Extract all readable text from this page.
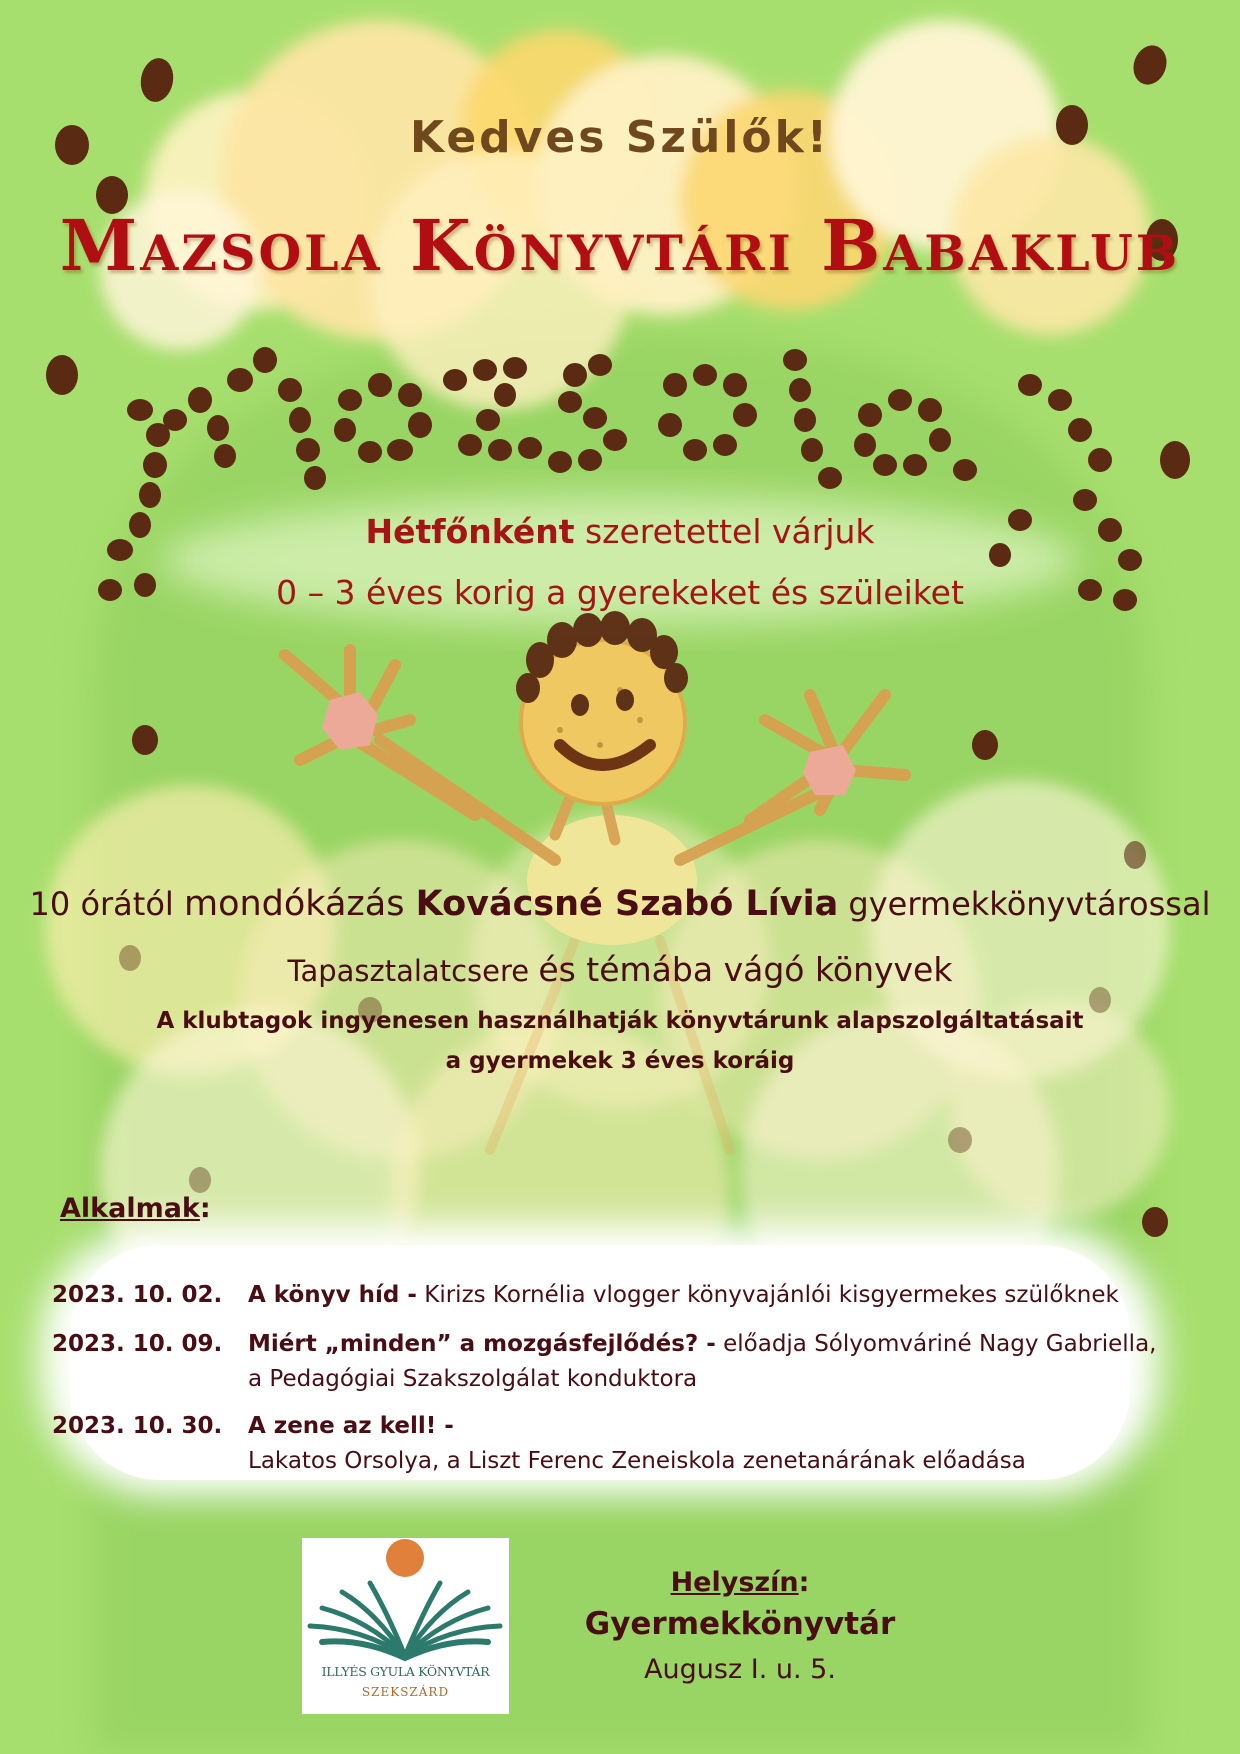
Kedves Szülők!
Mazsola Könyvtári Babaklub

Hétfőnként szeretettel várjuk

0 – 3 éves korig a gyerekeket és szüleiket

10 órától mondókázás Kovácsné Szabó Lívia gyermekkönyvtárossal

Tapasztalatcsere és témába vágó könyvek

A klubtagok ingyenesen használhatják könyvtárunk alapszolgáltatásait

a gyermekek 3 éves koráig

Alkalmak:

2023. 10. 02. A könyv híd - Kirizs Kornélia vlogger könyvajánlói kisgyermekes szülőknek
2023. 10. 09. Miért „minden” a mozgásfejlődés? - előadja Sólyomváriné Nagy Gabriella,
a Pedagógiai Szakszolgálat konduktora
2023. 10. 30. A zene az kell! -
Lakatos Orsolya, a Liszt Ferenc Zeneiskola zenetanárának előadása
ILLYÉS GYULA KÖNYVTÁR
SZEKSZÁRD
Helyszín:
Gyermekkönyvtár
Augusz I. u. 5.
